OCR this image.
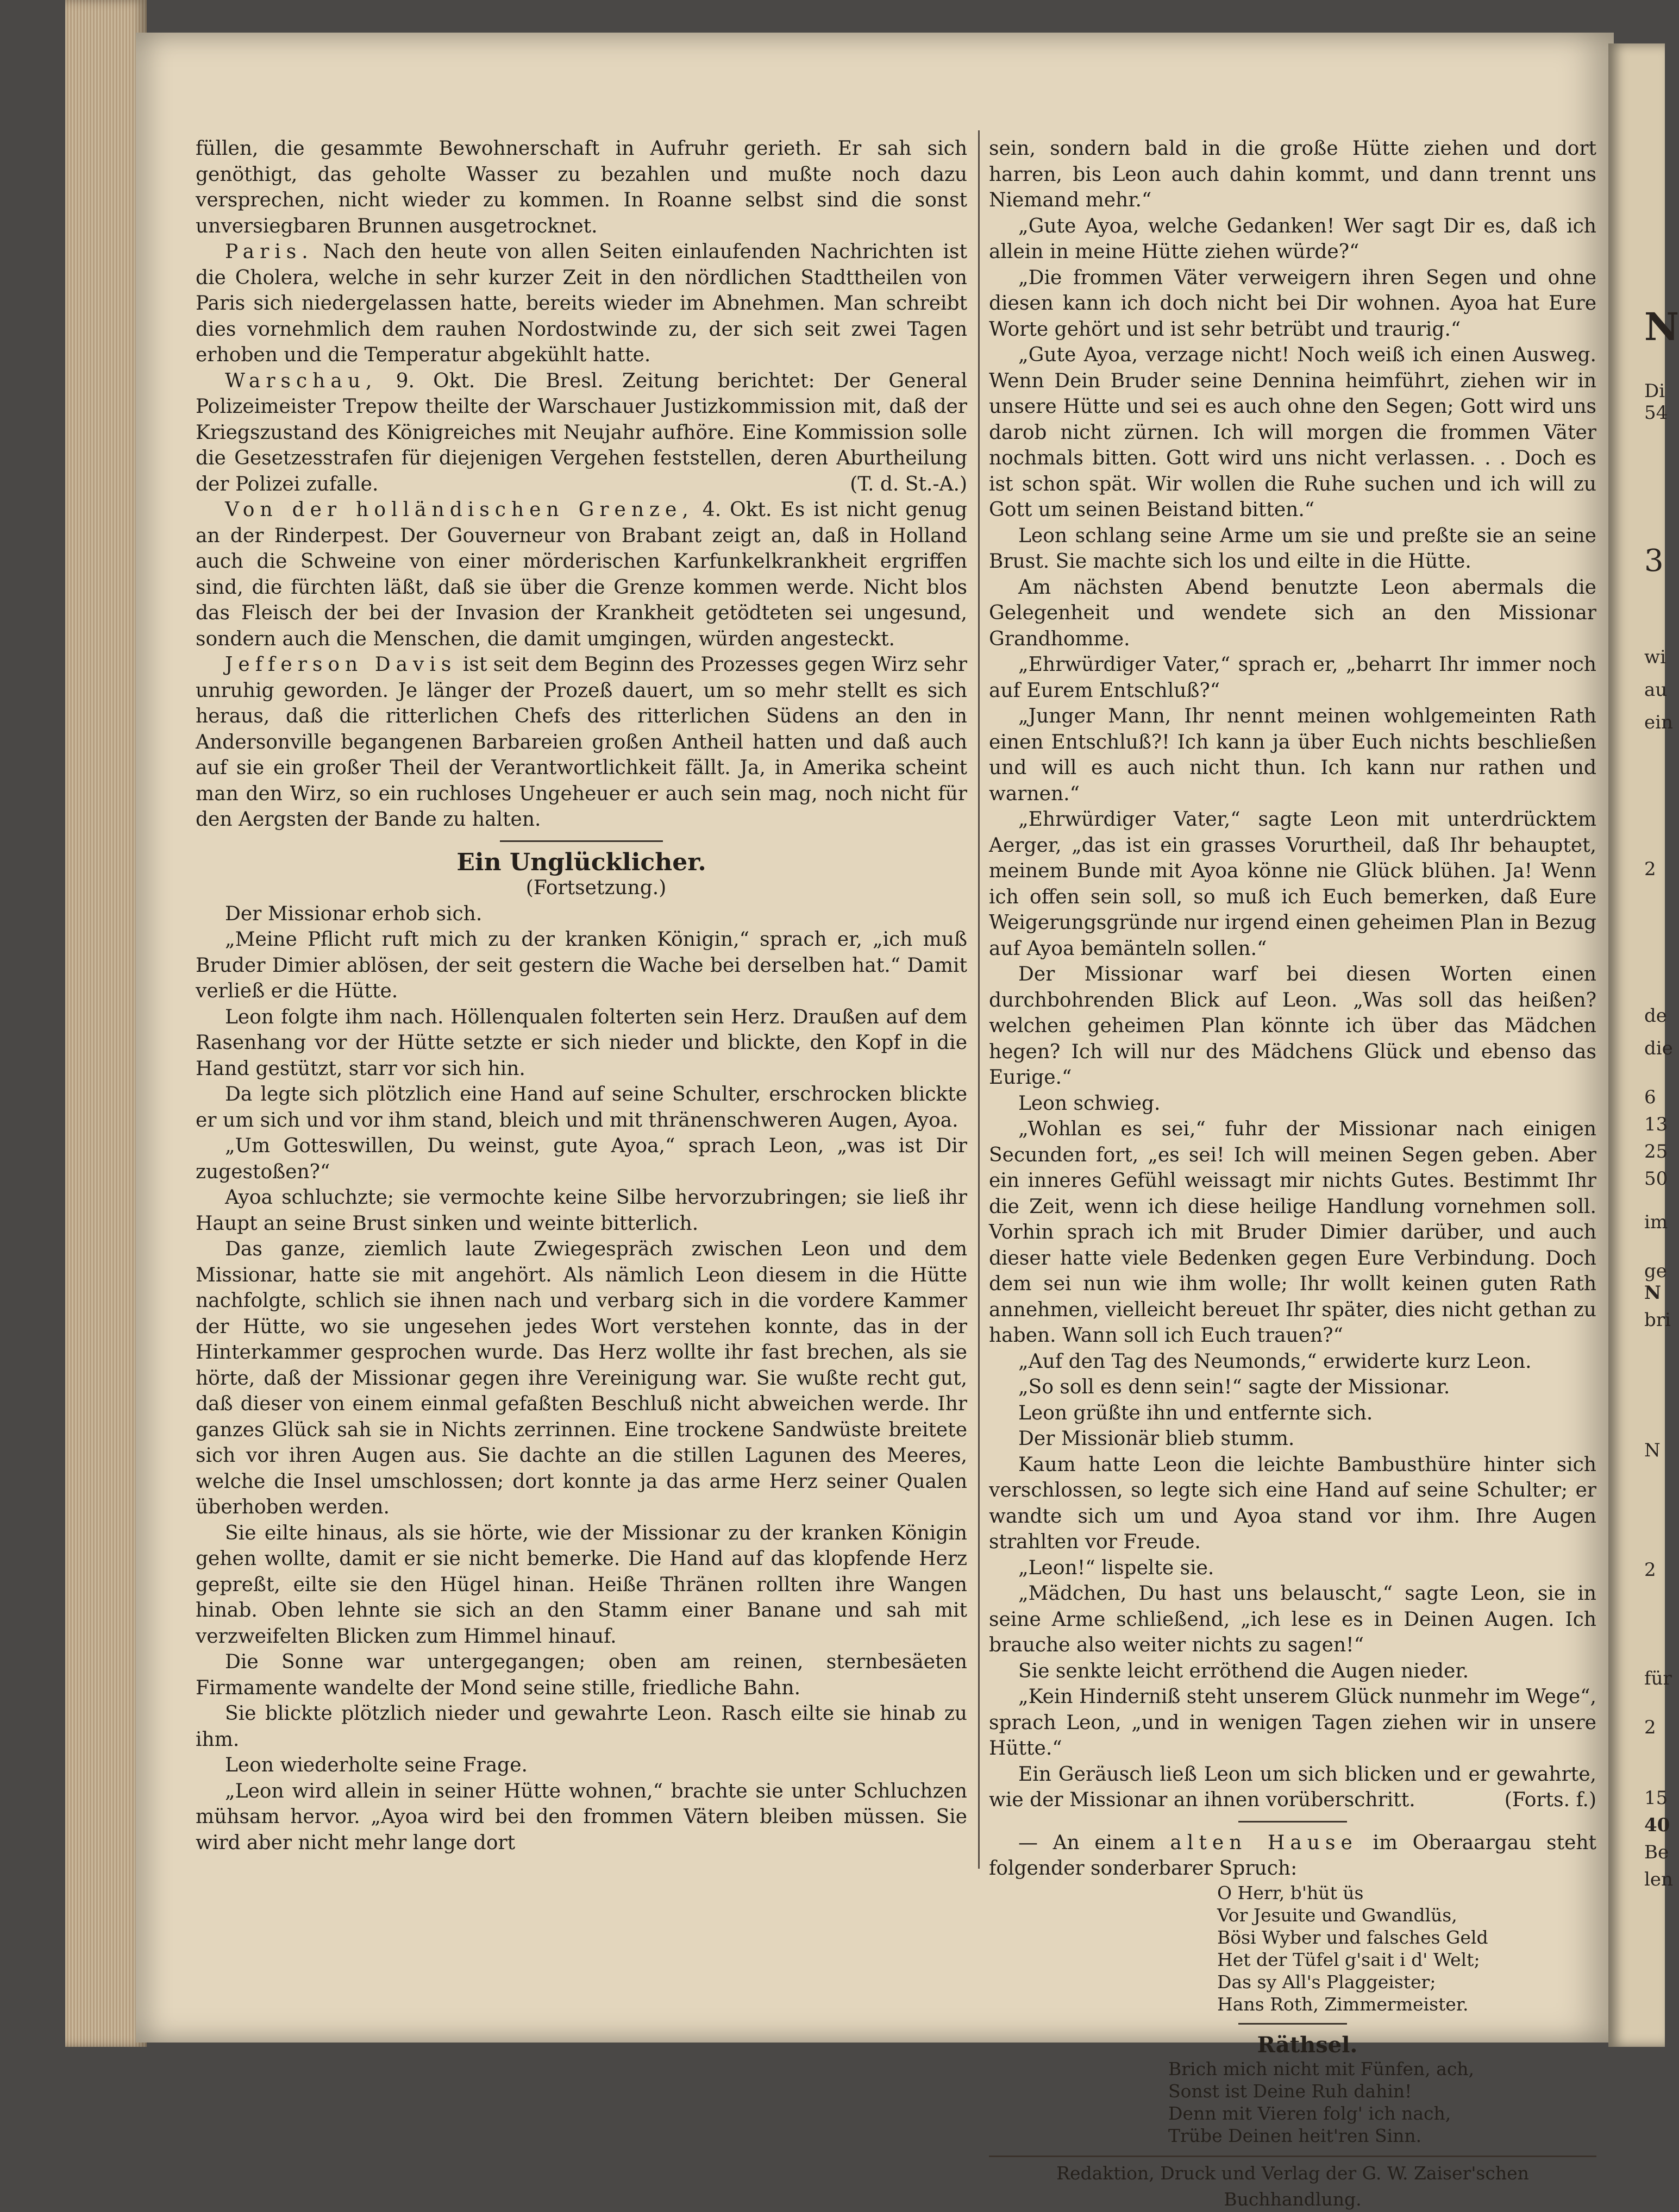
N
Di
54
3
wi
au
ein
2
de
die
6
13
25
50
im
ge
N
bri
N
2
für
2
15
40
Be
len

füllen, die gesammte Bewohnerschaft in Aufruhr gerieth. Er sah sich genöthigt, das geholte Wasser zu bezahlen und mußte noch dazu versprechen, nicht wieder zu kommen. In Roanne selbst sind die sonst unversiegbaren Brunnen ausgetrocknet.

Paris. Nach den heute von allen Seiten einlaufenden Nachrichten ist die Cholera, welche in sehr kurzer Zeit in den nördlichen Stadttheilen von Paris sich niedergelassen hatte, bereits wieder im Abnehmen. Man schreibt dies vornehmlich dem rauhen Nordostwinde zu, der sich seit zwei Tagen erhoben und die Temperatur abgekühlt hatte.

Warschau, 9. Okt. Die Bresl. Zeitung berichtet: Der General Polizeimeister Trepow theilte der Warschauer Justizkommission mit, daß der Kriegszustand des Königreiches mit Neujahr aufhöre. Eine Kommission solle die Gesetzesstrafen für diejenigen Vergehen feststellen, deren Aburtheilung der Polizei zufalle.	(T. d. St.-A.)

Von der holländischen Grenze, 4. Okt. Es ist nicht genug an der Rinderpest. Der Gouverneur von Brabant zeigt an, daß in Holland auch die Schweine von einer mörderischen Karfunkelkrankheit ergriffen sind, die fürchten läßt, daß sie über die Grenze kommen werde. Nicht blos das Fleisch der bei der Invasion der Krankheit getödteten sei ungesund, sondern auch die Menschen, die damit umgingen, würden angesteckt.

Jefferson Davis ist seit dem Beginn des Prozesses gegen Wirz sehr unruhig geworden. Je länger der Prozeß dauert, um so mehr stellt es sich heraus, daß die ritterlichen Chefs des ritterlichen Südens an den in Andersonville begangenen Barbareien großen Antheil hatten und daß auch auf sie ein großer Theil der Verantwortlichkeit fällt. Ja, in Amerika scheint man den Wirz, so ein ruchloses Ungeheuer er auch sein mag, noch nicht für den Aergsten der Bande zu halten.

Ein Unglücklicher.

(Fortsetzung.)

Der Missionar erhob sich.

„Meine Pflicht ruft mich zu der kranken Königin,“ sprach er, „ich muß Bruder Dimier ablösen, der seit gestern die Wache bei derselben hat.“ Damit verließ er die Hütte.

Leon folgte ihm nach. Höllenqualen folterten sein Herz. Draußen auf dem Rasenhang vor der Hütte setzte er sich nieder und blickte, den Kopf in die Hand gestützt, starr vor sich hin.

Da legte sich plötzlich eine Hand auf seine Schulter, erschrocken blickte er um sich und vor ihm stand, bleich und mit thränenschweren Augen, Ayoa.

„Um Gotteswillen, Du weinst, gute Ayoa,“ sprach Leon, „was ist Dir zugestoßen?“

Ayoa schluchzte; sie vermochte keine Silbe hervorzubringen; sie ließ ihr Haupt an seine Brust sinken und weinte bitterlich.

Das ganze, ziemlich laute Zwiegespräch zwischen Leon und dem Missionar, hatte sie mit angehört. Als nämlich Leon diesem in die Hütte nachfolgte, schlich sie ihnen nach und verbarg sich in die vordere Kammer der Hütte, wo sie ungesehen jedes Wort verstehen konnte, das in der Hinterkammer gesprochen wurde. Das Herz wollte ihr fast brechen, als sie hörte, daß der Missionar gegen ihre Vereinigung war. Sie wußte recht gut, daß dieser von einem einmal gefaßten Beschluß nicht abweichen werde. Ihr ganzes Glück sah sie in Nichts zerrinnen. Eine trockene Sandwüste breitete sich vor ihren Augen aus. Sie dachte an die stillen Lagunen des Meeres, welche die Insel umschlossen; dort konnte ja das arme Herz seiner Qualen überhoben werden.

Sie eilte hinaus, als sie hörte, wie der Missionar zu der kranken Königin gehen wollte, damit er sie nicht bemerke. Die Hand auf das klopfende Herz gepreßt, eilte sie den Hügel hinan. Heiße Thränen rollten ihre Wangen hinab. Oben lehnte sie sich an den Stamm einer Banane und sah mit verzweifelten Blicken zum Himmel hinauf.

Die Sonne war untergegangen; oben am reinen, sternbesäeten Firmamente wandelte der Mond seine stille, friedliche Bahn.

Sie blickte plötzlich nieder und gewahrte Leon. Rasch eilte sie hinab zu ihm.

Leon wiederholte seine Frage.

„Leon wird allein in seiner Hütte wohnen,“ brachte sie unter Schluchzen mühsam hervor. „Ayoa wird bei den frommen Vätern bleiben müssen. Sie wird aber nicht mehr lange dort

sein, sondern bald in die große Hütte ziehen und dort harren, bis Leon auch dahin kommt, und dann trennt uns Niemand mehr.“

„Gute Ayoa, welche Gedanken! Wer sagt Dir es, daß ich allein in meine Hütte ziehen würde?“

„Die frommen Väter verweigern ihren Segen und ohne diesen kann ich doch nicht bei Dir wohnen. Ayoa hat Eure Worte gehört und ist sehr betrübt und traurig.“

„Gute Ayoa, verzage nicht! Noch weiß ich einen Ausweg. Wenn Dein Bruder seine Dennina heimführt, ziehen wir in unsere Hütte und sei es auch ohne den Segen; Gott wird uns darob nicht zürnen. Ich will morgen die frommen Väter nochmals bitten. Gott wird uns nicht verlassen. . . Doch es ist schon spät. Wir wollen die Ruhe suchen und ich will zu Gott um seinen Beistand bitten.“

Leon schlang seine Arme um sie und preßte sie an seine Brust. Sie machte sich los und eilte in die Hütte.

Am nächsten Abend benutzte Leon abermals die Gelegenheit und wendete sich an den Missionar Grandhomme.

„Ehrwürdiger Vater,“ sprach er, „beharrt Ihr immer noch auf Eurem Entschluß?“

„Junger Mann, Ihr nennt meinen wohlgemeinten Rath einen Entschluß?! Ich kann ja über Euch nichts beschließen und will es auch nicht thun. Ich kann nur rathen und warnen.“

„Ehrwürdiger Vater,“ sagte Leon mit unterdrücktem Aerger, „das ist ein grasses Vorurtheil, daß Ihr behauptet, meinem Bunde mit Ayoa könne nie Glück blühen. Ja! Wenn ich offen sein soll, so muß ich Euch bemerken, daß Eure Weigerungsgründe nur irgend einen geheimen Plan in Bezug auf Ayoa bemänteln sollen.“

Der Missionar warf bei diesen Worten einen durchbohrenden Blick auf Leon. „Was soll das heißen? welchen geheimen Plan könnte ich über das Mädchen hegen? Ich will nur des Mädchens Glück und ebenso das Eurige.“

Leon schwieg.

„Wohlan es sei,“ fuhr der Missionar nach einigen Secunden fort, „es sei! Ich will meinen Segen geben. Aber ein inneres Gefühl weissagt mir nichts Gutes. Bestimmt Ihr die Zeit, wenn ich diese heilige Handlung vornehmen soll. Vorhin sprach ich mit Bruder Dimier darüber, und auch dieser hatte viele Bedenken gegen Eure Verbindung. Doch dem sei nun wie ihm wolle; Ihr wollt keinen guten Rath annehmen, vielleicht bereuet Ihr später, dies nicht gethan zu haben. Wann soll ich Euch trauen?“

„Auf den Tag des Neumonds,“ erwiderte kurz Leon.

„So soll es denn sein!“ sagte der Missionar.

Leon grüßte ihn und entfernte sich.

Der Missionär blieb stumm.

Kaum hatte Leon die leichte Bambusthüre hinter sich verschlossen, so legte sich eine Hand auf seine Schulter; er wandte sich um und Ayoa stand vor ihm. Ihre Augen strahlten vor Freude.

„Leon!“ lispelte sie.

„Mädchen, Du hast uns belauscht,“ sagte Leon, sie in seine Arme schließend, „ich lese es in Deinen Augen. Ich brauche also weiter nichts zu sagen!“

Sie senkte leicht erröthend die Augen nieder.

„Kein Hinderniß steht unserem Glück nunmehr im Wege“, sprach Leon, „und in wenigen Tagen ziehen wir in unsere Hütte.“

Ein Geräusch ließ Leon um sich blicken und er gewahrte, wie der Missionar an ihnen vorüberschritt.	(Forts. f.)

— An einem alten Hause im Oberaargau steht folgender sonderbarer Spruch:

O Herr, b'hüt üs
Vor Jesuite und Gwandlüs,
Bösi Wyber und falsches Geld
Het der Tüfel g'sait i d' Welt;
Das sy All's Plaggeister;
Hans Roth, Zimmermeister.

Räthsel.

Brich mich nicht mit Fünfen, ach,
Sonst ist Deine Ruh dahin!
Denn mit Vieren folg' ich nach,
Trübe Deinen heit'ren Sinn.
Redaktion, Druck und Verlag der G. W. Zaiser'schen Buchhandlung.
